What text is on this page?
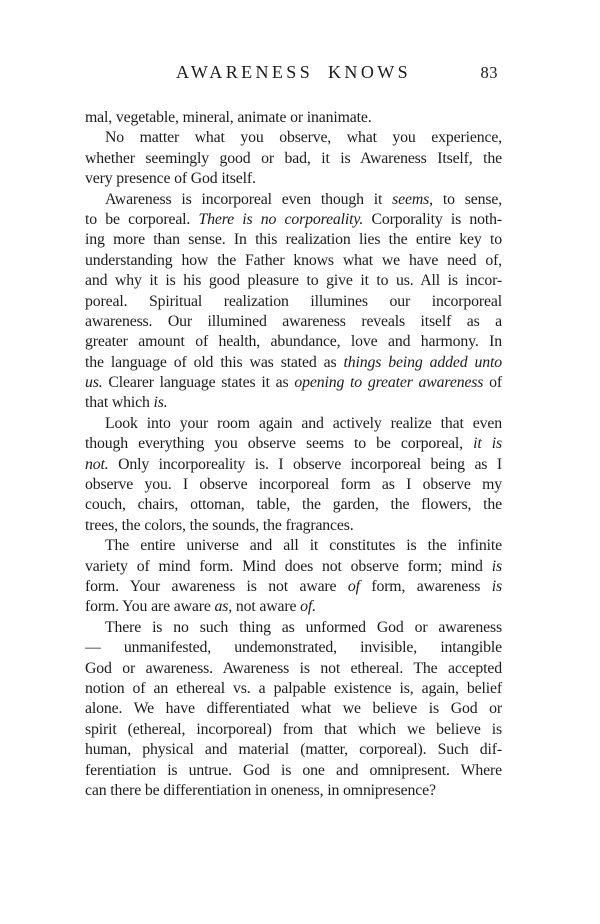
AWARENESS KNOWS	83
mal, vegetable, mineral, animate or inanimate.
No matter what you observe, what you experience,
whether seemingly good or bad, it is Awareness Itself, the
very presence of God itself.
Awareness is incorporeal even though it seems, to sense,
to be corporeal. There is no corporeality. Corporality is noth-
ing more than sense. In this realization lies the entire key to
understanding how the Father knows what we have need of,
and why it is his good pleasure to give it to us. All is incor-
poreal. Spiritual realization illumines our incorporeal
awareness. Our illumined awareness reveals itself as a
greater amount of health, abundance, love and harmony. In
the language of old this was stated as things being added unto
us. Clearer language states it as opening to greater awareness of
that which is.
Look into your room again and actively realize that even
though everything you observe seems to be corporeal, it is
not. Only incorporeality is. I observe incorporeal being as I
observe you. I observe incorporeal form as I observe my
couch, chairs, ottoman, table, the garden, the flowers, the
trees, the colors, the sounds, the fragrances.
The entire universe and all it constitutes is the infinite
variety of mind form. Mind does not observe form; mind is
form. Your awareness is not aware of form, awareness is
form. You are aware as, not aware of.
There is no such thing as unformed God or awareness
— unmanifested, undemonstrated, invisible, intangible
God or awareness. Awareness is not ethereal. The accepted
notion of an ethereal vs. a palpable existence is, again, belief
alone. We have differentiated what we believe is God or
spirit (ethereal, incorporeal) from that which we believe is
human, physical and material (matter, corporeal). Such dif-
ferentiation is untrue. God is one and omnipresent. Where
can there be differentiation in oneness, in omnipresence?
